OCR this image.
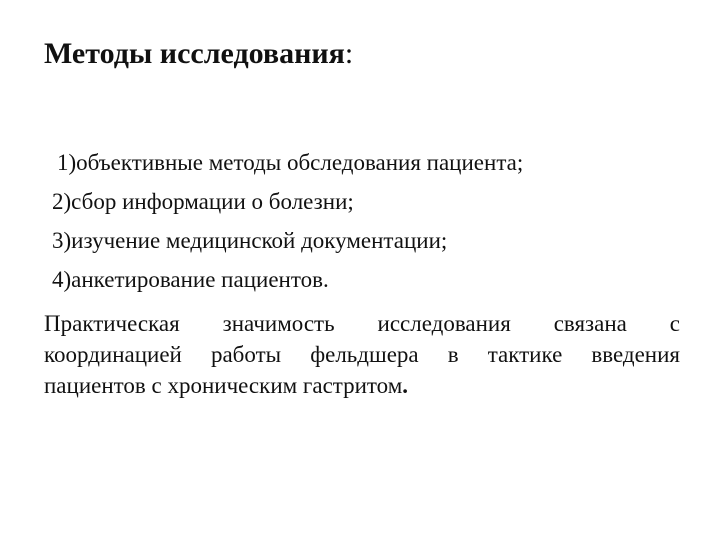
Методы исследования:
1)объективные методы обследования пациента;
2)сбор информации о болезни;
3)изучение медицинской документации;
4)анкетирование пациентов.
Практическая значимость исследования связана с
координацией работы фельдшера в тактике введения
пациентов с хроническим гастритом.
